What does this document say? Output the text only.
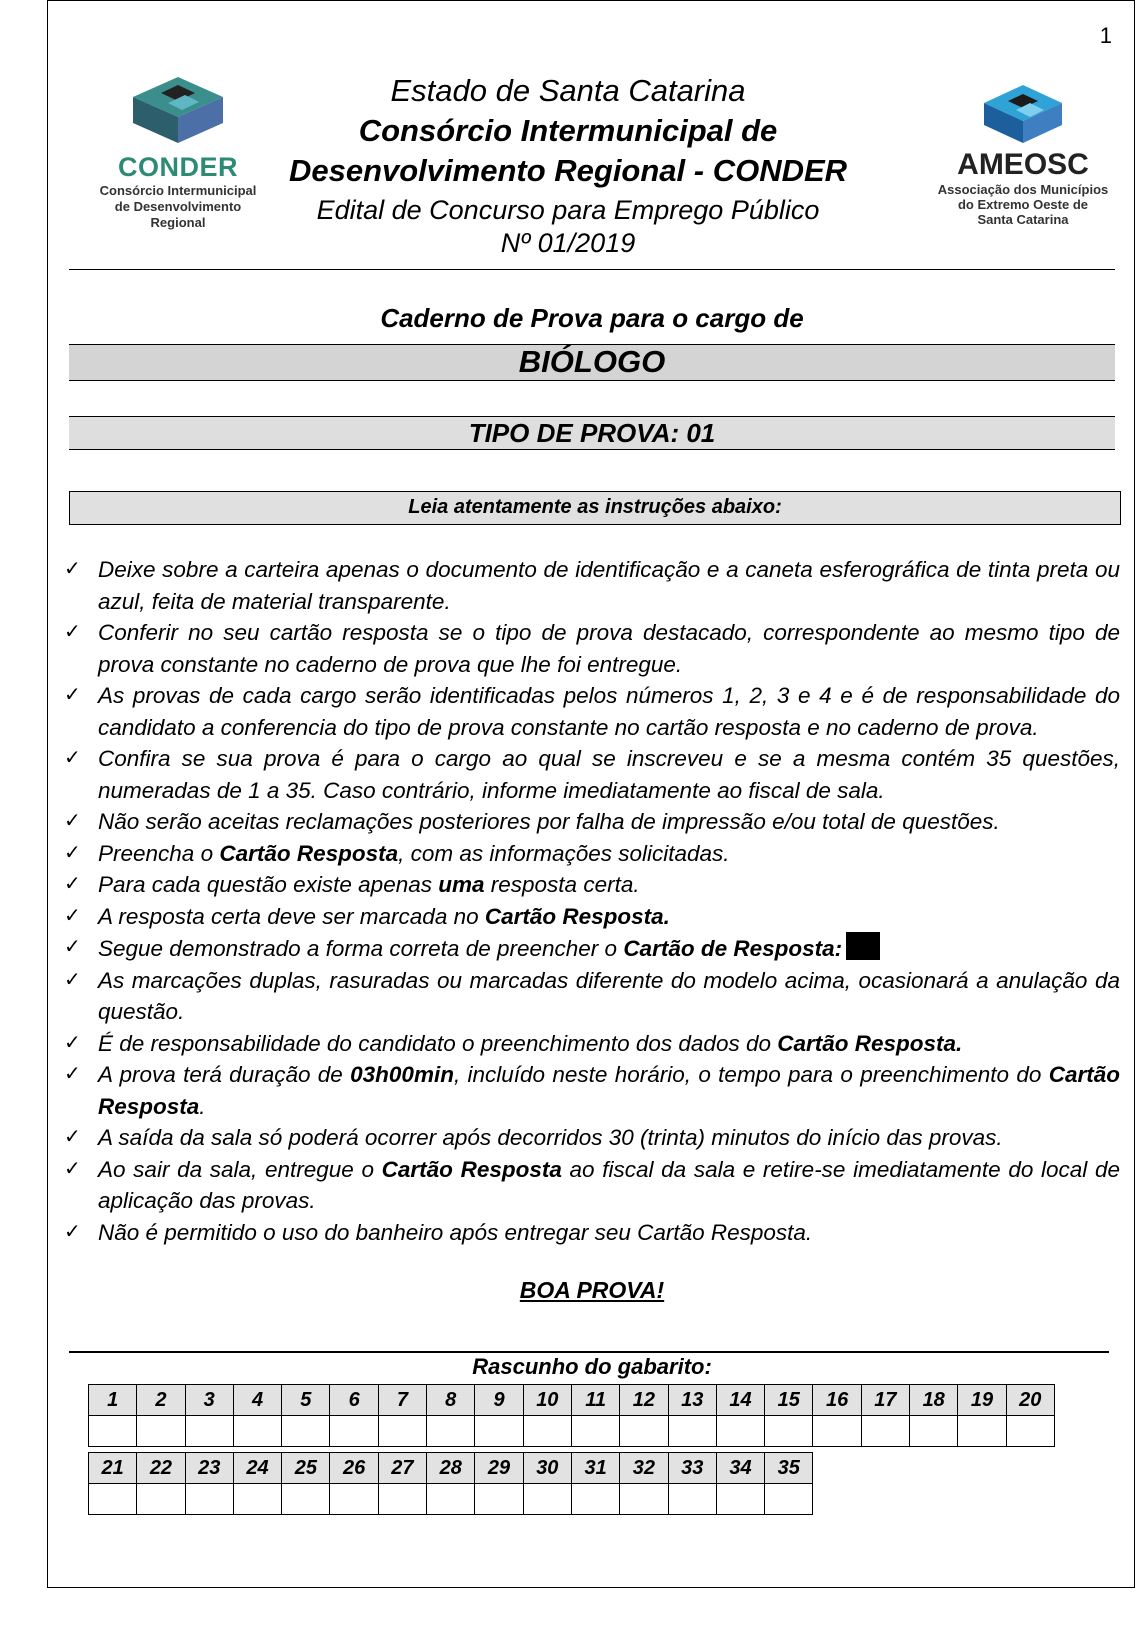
1
CONDER
Consórcio Intermunicipal
de Desenvolvimento
Regional
Estado de Santa Catarina
Consórcio Intermunicipal de
Desenvolvimento Regional - CONDER
Edital de Concurso para Emprego Público
Nº 01/2019
AMEOSC
Associação dos Municípios
do Extremo Oeste de
Santa Catarina
Caderno de Prova para o cargo de
BIÓLOGO
TIPO DE PROVA: 01
Leia atentamente as instruções abaixo:
✓ Deixe sobre a carteira apenas o documento de identificação e a caneta esferográfica de tinta preta ou azul, feita de material transparente.
✓ Conferir no seu cartão resposta se o tipo de prova destacado, correspondente ao mesmo tipo de prova constante no caderno de prova que lhe foi entregue.
✓ As provas de cada cargo serão identificadas pelos números 1, 2, 3 e 4 e é de responsabilidade do candidato a conferencia do tipo de prova constante no cartão resposta e no caderno de prova.
✓ Confira se sua prova é para o cargo ao qual se inscreveu e se a mesma contém 35 questões, numeradas de 1 a 35. Caso contrário, informe imediatamente ao fiscal de sala.
✓ Não serão aceitas reclamações posteriores por falha de impressão e/ou total de questões.
✓ Preencha o Cartão Resposta, com as informações solicitadas.
✓ Para cada questão existe apenas uma resposta certa.
✓ A resposta certa deve ser marcada no Cartão Resposta.
✓ Segue demonstrado a forma correta de preencher o Cartão de Resposta:
✓ As marcações duplas, rasuradas ou marcadas diferente do modelo acima, ocasionará a anulação da questão.
✓ É de responsabilidade do candidato o preenchimento dos dados do Cartão Resposta.
✓ A prova terá duração de 03h00min, incluído neste horário, o tempo para o preenchimento do Cartão Resposta.
✓ A saída da sala só poderá ocorrer após decorridos 30 (trinta) minutos do início das provas.
✓ Ao sair da sala, entregue o Cartão Resposta ao fiscal da sala e retire-se imediatamente do local de aplicação das provas.
✓ Não é permitido o uso do banheiro após entregar seu Cartão Resposta.
BOA PROVA!
Rascunho do gabarito:
1	2	3	4	5	6	7	8	9	10	11	12	13	14	15	16	17	18	19	20

21	22	23	24	25	26	27	28	29	30	31	32	33	34	35
